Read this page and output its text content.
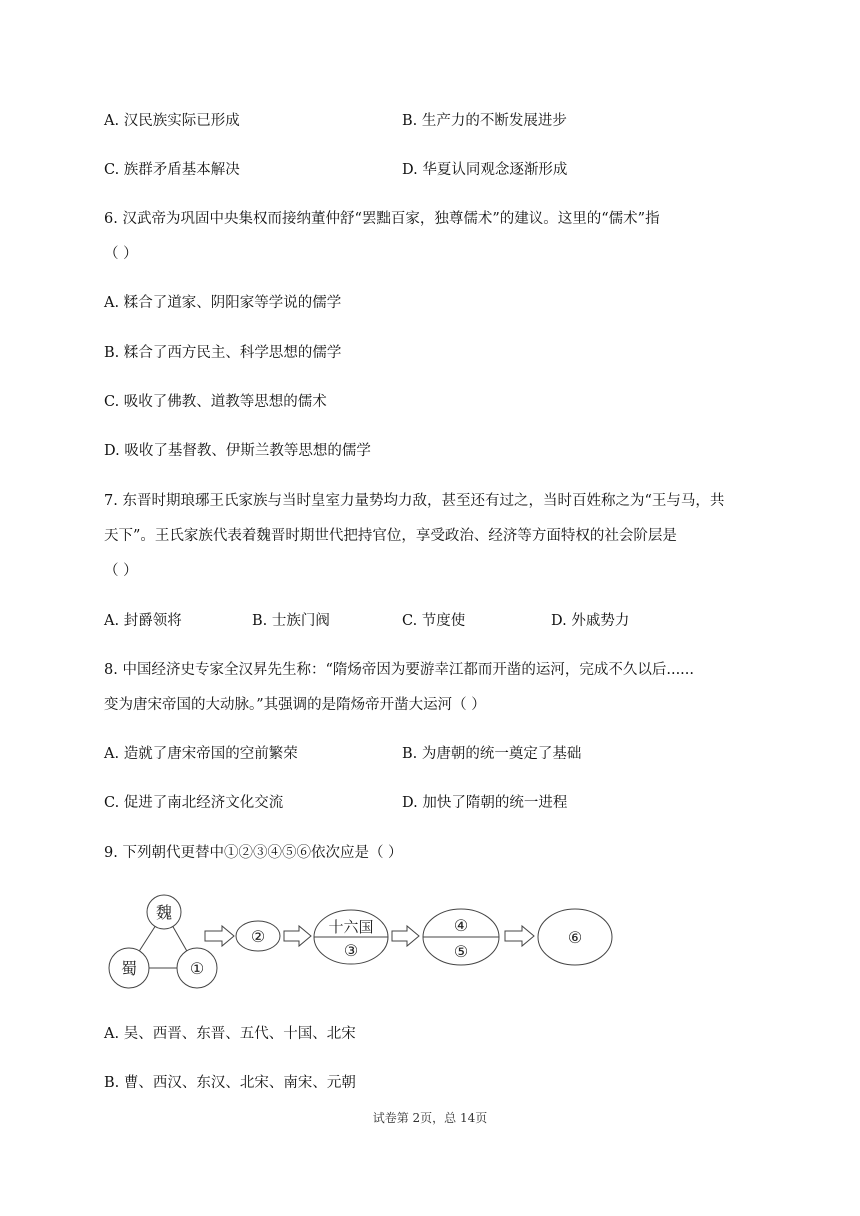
A. 汉民族实际已形成	B. 生产力的不断发展进步
C. 族群矛盾基本解决	D. 华夏认同观念逐渐形成
6. 汉武帝为巩固中央集权而接纳董仲舒“罢黜百家，独尊儒术”的建议。这里的“儒术”指
（ ）
A. 糅合了道家、阴阳家等学说的儒学
B. 糅合了西方民主、科学思想的儒学
C. 吸收了佛教、道教等思想的儒术
D. 吸收了基督教、伊斯兰教等思想的儒学
7. 东晋时期琅琊王氏家族与当时皇室力量势均力敌，甚至还有过之，当时百姓称之为“王与马，共
天下”。王氏家族代表着魏晋时期世代把持官位，享受政治、经济等方面特权的社会阶层是
（ ）
A. 封爵领将	B. 士族门阀	C. 节度使	D. 外戚势力
8. 中国经济史专家全汉昇先生称：“隋炀帝因为要游幸江都而开凿的运河，完成不久以后......
变为唐宋帝国的大动脉。”其强调的是隋炀帝开凿大运河（ ）
A. 造就了唐宋帝国的空前繁荣	B. 为唐朝的统一奠定了基础
C. 促进了南北经济文化交流	D. 加快了隋朝的统一进程
9. 下列朝代更替中①②③④⑤⑥依次应是（ ）
魏
蜀	①
②	十六国
③
④
⑤
⑥
A. 吴、西晋、东晋、五代、十国、北宋
B. 曹、西汉、东汉、北宋、南宋、元朝
试卷第 2页，总 14页
